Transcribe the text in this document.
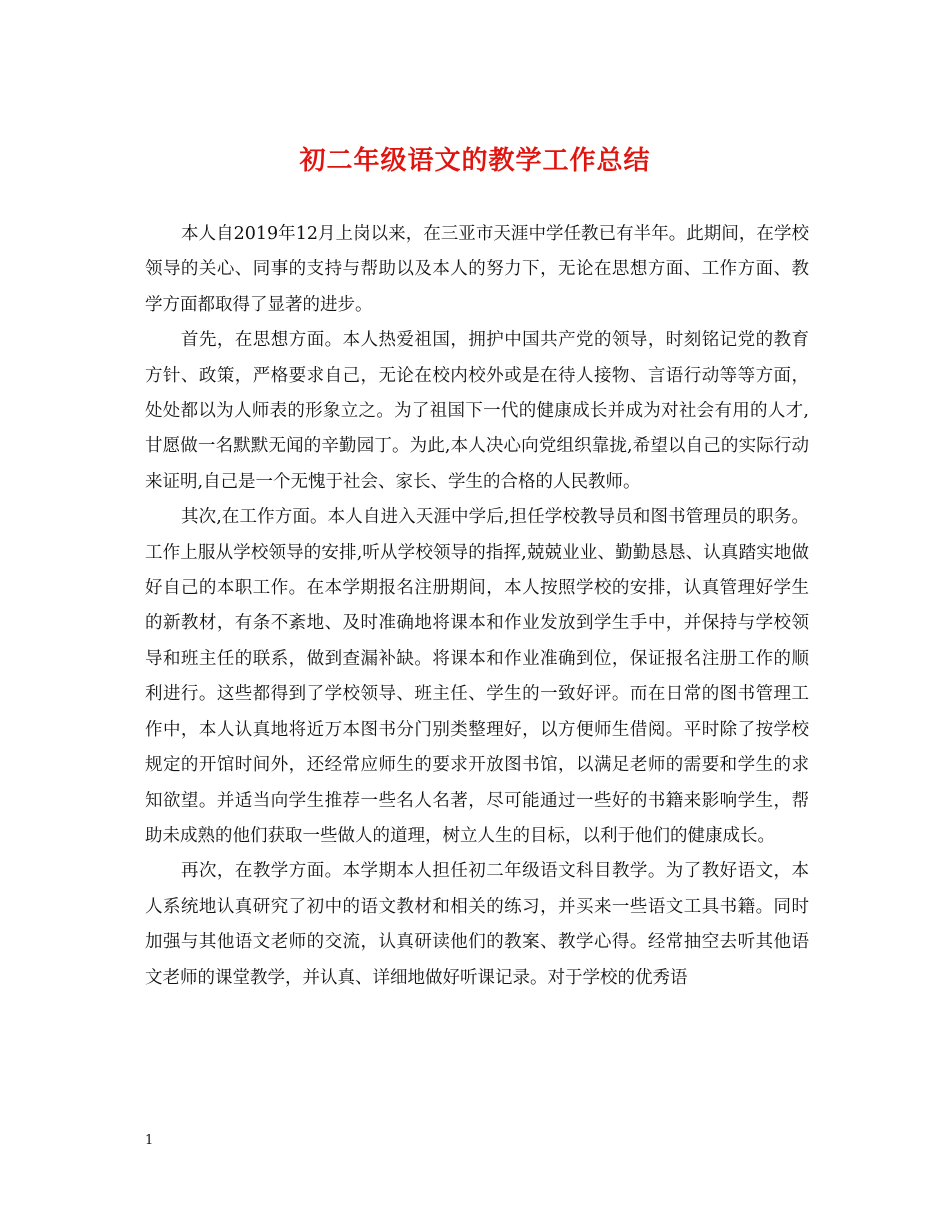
初二年级语文的教学工作总结

本人自2019年12月上岗以来，在三亚市天涯中学任教已有半年。此期间，在学校领导的关心、同事的支持与帮助以及本人的努力下，无论在思想方面、工作方面、教学方面都取得了显著的进步。

首先，在思想方面。本人热爱祖国，拥护中国共产党的领导，时刻铭记党的教育方针、政策，严格要求自己，无论在校内校外或是在待人接物、言语行动等等方面，处处都以为人师表的形象立之。为了祖国下一代的健康成长并成为对社会有用的人才, 甘愿做一名默默无闻的辛勤园丁。为此,本人决心向党组织靠拢,希望以自己的实际行动来证明,自己是一个无愧于社会、家长、学生的合格的人民教师。

其次,在工作方面。本人自进入天涯中学后,担任学校教导员和图书管理员的职务。工作上服从学校领导的安排,听从学校领导的指挥,兢兢业业、勤勤恳恳、认真踏实地做好自己的本职工作。在本学期报名注册期间，本人按照学校的安排，认真管理好学生的新教材，有条不紊地、及时准确地将课本和作业发放到学生手中，并保持与学校领导和班主任的联系，做到查漏补缺。将课本和作业准确到位，保证报名注册工作的顺利进行。这些都得到了学校领导、班主任、学生的一致好评。而在日常的图书管理工作中，本人认真地将近万本图书分门别类整理好，以方便师生借阅。平时除了按学校规定的开馆时间外，还经常应师生的要求开放图书馆，以满足老师的需要和学生的求知欲望。并适当向学生推荐一些名人名著，尽可能通过一些好的书籍来影响学生，帮助未成熟的他们获取一些做人的道理，树立人生的目标，以利于他们的健康成长。

再次，在教学方面。本学期本人担任初二年级语文科目教学。为了教好语文，本人系统地认真研究了初中的语文教材和相关的练习，并买来一些语文工具书籍。同时加强与其他语文老师的交流，认真研读他们的教案、教学心得。经常抽空去听其他语文老师的课堂教学，并认真、详细地做好听课记录。对于学校的优秀语

1
